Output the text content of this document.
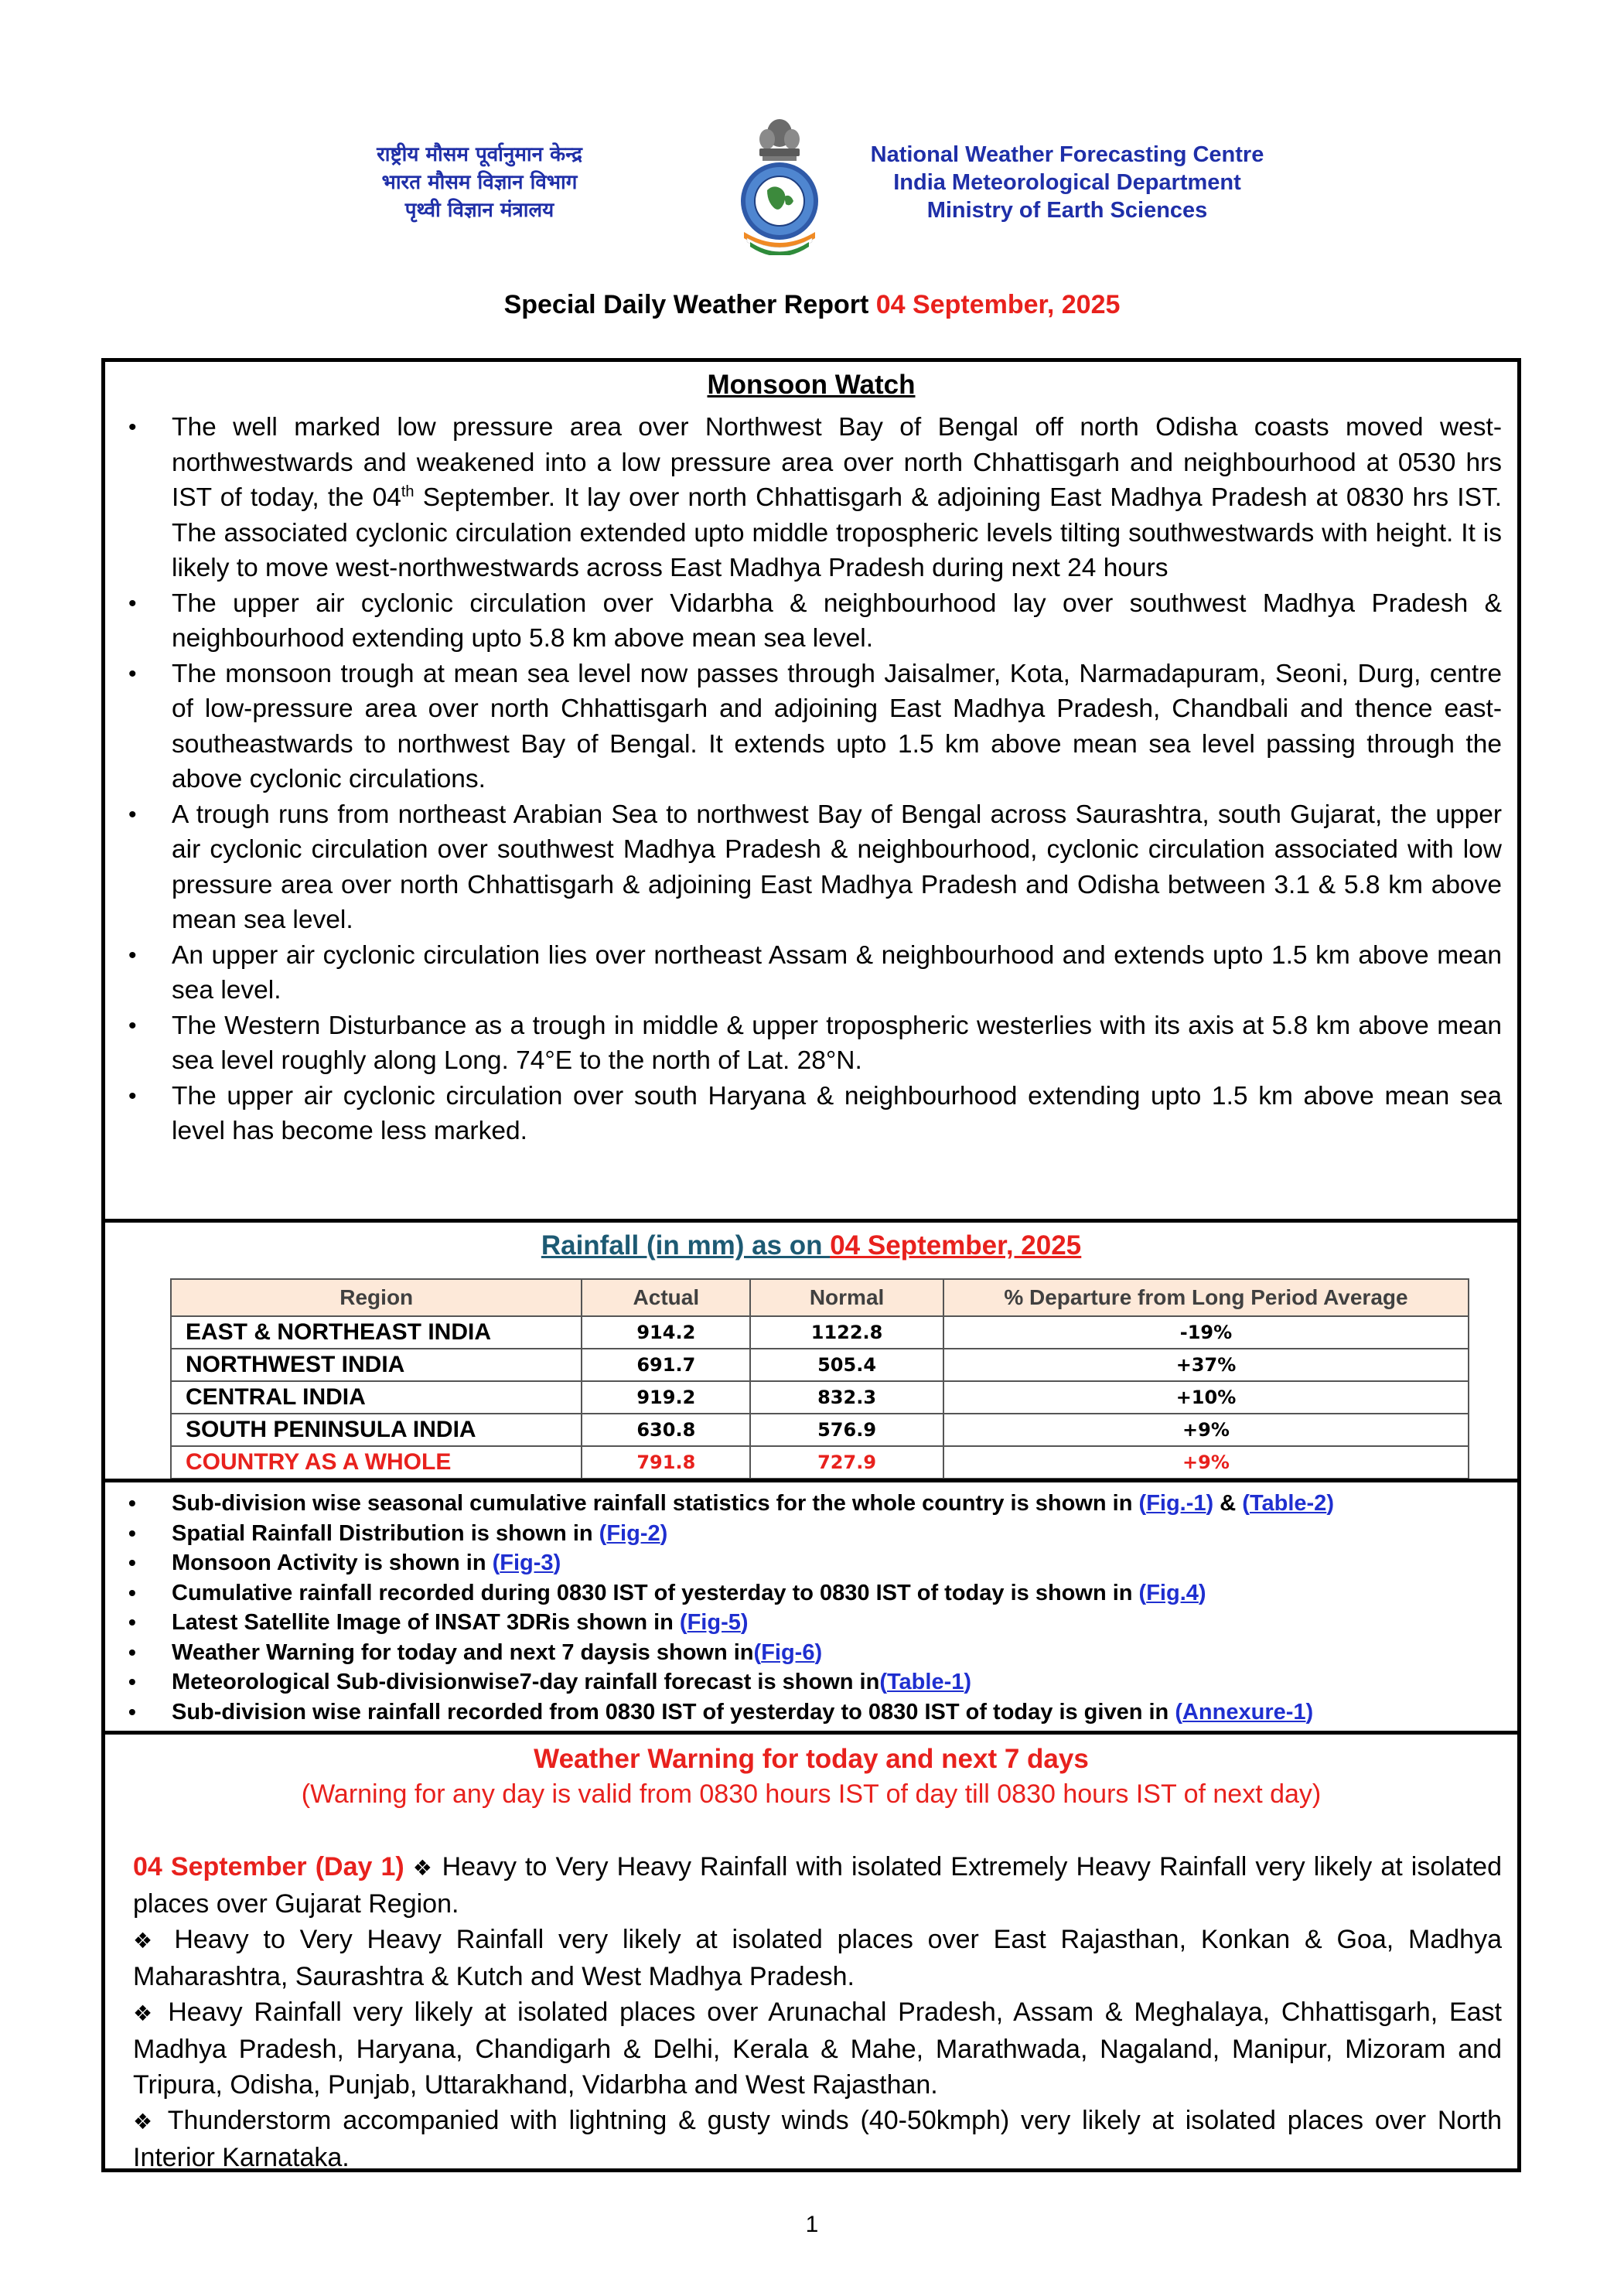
राष्ट्रीय मौसम पूर्वानुमान केन्द्र
भारत मौसम विज्ञान विभाग
पृथ्वी विज्ञान मंत्रालय
National Weather Forecasting Centre
India Meteorological Department
Ministry of Earth Sciences
Special Daily Weather Report 04 September, 2025
Monsoon Watch
• The well marked low pressure area over Northwest Bay of Bengal off north Odisha coasts moved west-northwestwards and weakened into a low pressure area over north Chhattisgarh and neighbourhood at 0530 hrs IST of today, the 04th September. It lay over north Chhattisgarh & adjoining East Madhya Pradesh at 0830 hrs IST. The associated cyclonic circulation extended upto middle tropospheric levels tilting southwestwards with height. It is likely to move west-northwestwards across East Madhya Pradesh during next 24 hours
• The upper air cyclonic circulation over Vidarbha & neighbourhood lay over southwest Madhya Pradesh & neighbourhood extending upto 5.8 km above mean sea level.
• The monsoon trough at mean sea level now passes through Jaisalmer, Kota, Narmadapuram, Seoni, Durg, centre of low-pressure area over north Chhattisgarh and adjoining East Madhya Pradesh, Chandbali and thence east-southeastwards to northwest Bay of Bengal. It extends upto 1.5 km above mean sea level passing through the above cyclonic circulations.
• A trough runs from northeast Arabian Sea to northwest Bay of Bengal across Saurashtra, south Gujarat, the upper air cyclonic circulation over southwest Madhya Pradesh & neighbourhood, cyclonic circulation associated with low pressure area over north Chhattisgarh & adjoining East Madhya Pradesh and Odisha between 3.1 & 5.8 km above mean sea level.
• An upper air cyclonic circulation lies over northeast Assam & neighbourhood and extends upto 1.5 km above mean sea level.
• The Western Disturbance as a trough in middle & upper tropospheric westerlies with its axis at 5.8 km above mean sea level roughly along Long. 74°E to the north of Lat. 28°N.
• The upper air cyclonic circulation over south Haryana & neighbourhood extending upto 1.5 km above mean sea level has become less marked.
Rainfall (in mm) as on 04 September, 2025
Region	Actual	Normal	% Departure from Long Period Average
EAST & NORTHEAST INDIA	914.2	1122.8	-19%
NORTHWEST INDIA	691.7	505.4	+37%
CENTRAL INDIA	919.2	832.3	+10%
SOUTH PENINSULA INDIA	630.8	576.9	+9%
COUNTRY AS A WHOLE	791.8	727.9	+9%
• Sub-division wise seasonal cumulative rainfall statistics for the whole country is shown in (Fig.-1) & (Table-2)
• Spatial Rainfall Distribution is shown in (Fig-2)
• Monsoon Activity is shown in (Fig-3)
• Cumulative rainfall recorded during 0830 IST of yesterday to 0830 IST of today is shown in (Fig.4)
• Latest Satellite Image of INSAT 3DRis shown in (Fig-5)
• Weather Warning for today and next 7 daysis shown in(Fig-6)
• Meteorological Sub-divisionwise7-day rainfall forecast is shown in(Table-1)
• Sub-division wise rainfall recorded from 0830 IST of yesterday to 0830 IST of today is given in (Annexure-1)
Weather Warning for today and next 7 days
(Warning for any day is valid from 0830 hours IST of day till 0830 hours IST of next day)

04 September (Day 1) ❖ Heavy to Very Heavy Rainfall with isolated Extremely Heavy Rainfall very likely at isolated places over Gujarat Region.

❖ Heavy to Very Heavy Rainfall very likely at isolated places over East Rajasthan, Konkan & Goa, Madhya Maharashtra, Saurashtra & Kutch and West Madhya Pradesh.

❖ Heavy Rainfall very likely at isolated places over Arunachal Pradesh, Assam & Meghalaya, Chhattisgarh, East Madhya Pradesh, Haryana, Chandigarh & Delhi, Kerala & Mahe, Marathwada, Nagaland, Manipur, Mizoram and Tripura, Odisha, Punjab, Uttarakhand, Vidarbha and West Rajasthan.

❖ Thunderstorm accompanied with lightning & gusty winds (40-50kmph) very likely at isolated places over North Interior Karnataka.

1
